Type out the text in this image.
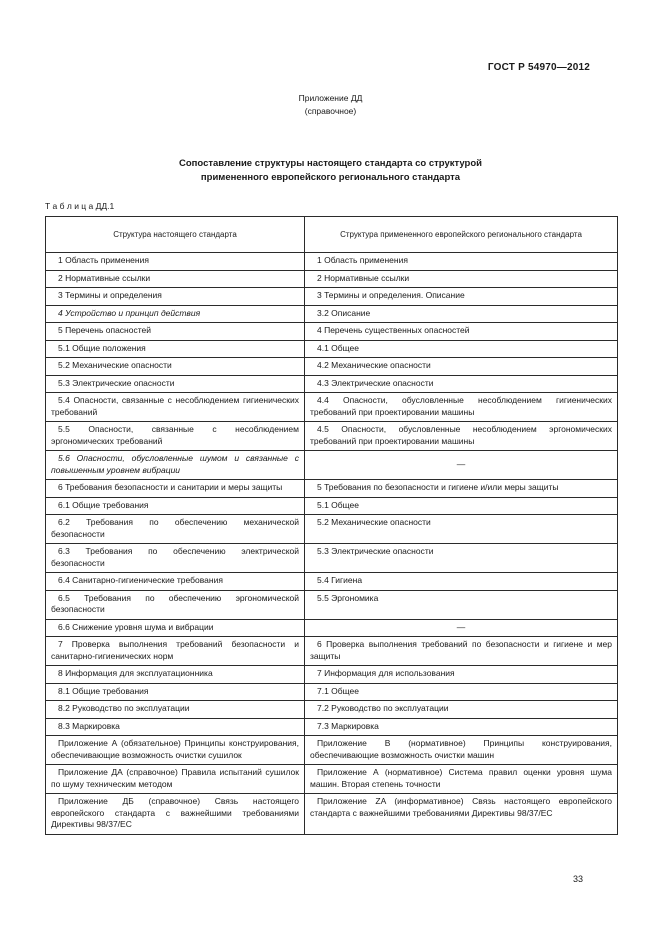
ГОСТ Р 54970—2012
Приложение ДД
(справочное)
Сопоставление структуры настоящего стандарта со структурой
примененного европейского регионального стандарта
Т а б л и ц а ДД.1
Структура настоящего стандарта	Структура примененного европейского регионального стандарта
1 Область применения	1 Область применения
2 Нормативные ссылки	2 Нормативные ссылки
3 Термины и определения	3 Термины и определения. Описание
4 Устройство и принцип действия	3.2 Описание
5 Перечень опасностей	4 Перечень существенных опасностей
5.1 Общие положения	4.1 Общее
5.2 Механические опасности	4.2 Механические опасности
5.3 Электрические опасности	4.3 Электрические опасности
5.4 Опасности, связанные с несоблюдением гигиенических требований	4.4 Опасности, обусловленные несоблюдением гигиенических требований при проектировании машины
5.5 Опасности, связанные с несоблюдением эргономических требований	4.5 Опасности, обусловленные несоблюдением эргономических требований при проектировании машины
5.6 Опасности, обусловленные шумом и связанные с повышенным уровнем вибрации	—
6 Требования безопасности и санитарии и меры защиты	5 Требования по безопасности и гигиене и/или меры защиты
6.1 Общие требования	5.1 Общее
6.2 Требования по обеспечению механической безопасности	5.2 Механические опасности
6.3 Требования по обеспечению электрической безопасности	5.3 Электрические опасности
6.4 Санитарно-гигиенические требования	5.4 Гигиена
6.5 Требования по обеспечению эргономической безопасности	5.5 Эргономика
6.6 Снижение уровня шума и вибрации	—
7 Проверка выполнения требований безопасности и санитарно-гигиенических норм	6 Проверка выполнения требований по безопасности и гигиене и мер защиты
8 Информация для эксплуатационника	7 Информация для использования
8.1 Общие требования	7.1 Общее
8.2 Руководство по эксплуатации	7.2 Руководство по эксплуатации
8.3 Маркировка	7.3 Маркировка
Приложение А (обязательное) Принципы конструирования, обеспечивающие возможность очистки сушилок	Приложение В (нормативное) Принципы конструирования, обеспечивающие возможность очистки машин
Приложение ДА (справочное) Правила испытаний сушилок по шуму техническим методом	Приложение А (нормативное) Система правил оценки уровня шума машин. Вторая степень точности
Приложение ДБ (справочное) Связь настоящего европейского стандарта с важнейшими требованиями Директивы 98/37/ЕС	Приложение ZA (информативное) Связь настоящего европейского стандарта с важнейшими требованиями Директивы 98/37/ЕС
33
